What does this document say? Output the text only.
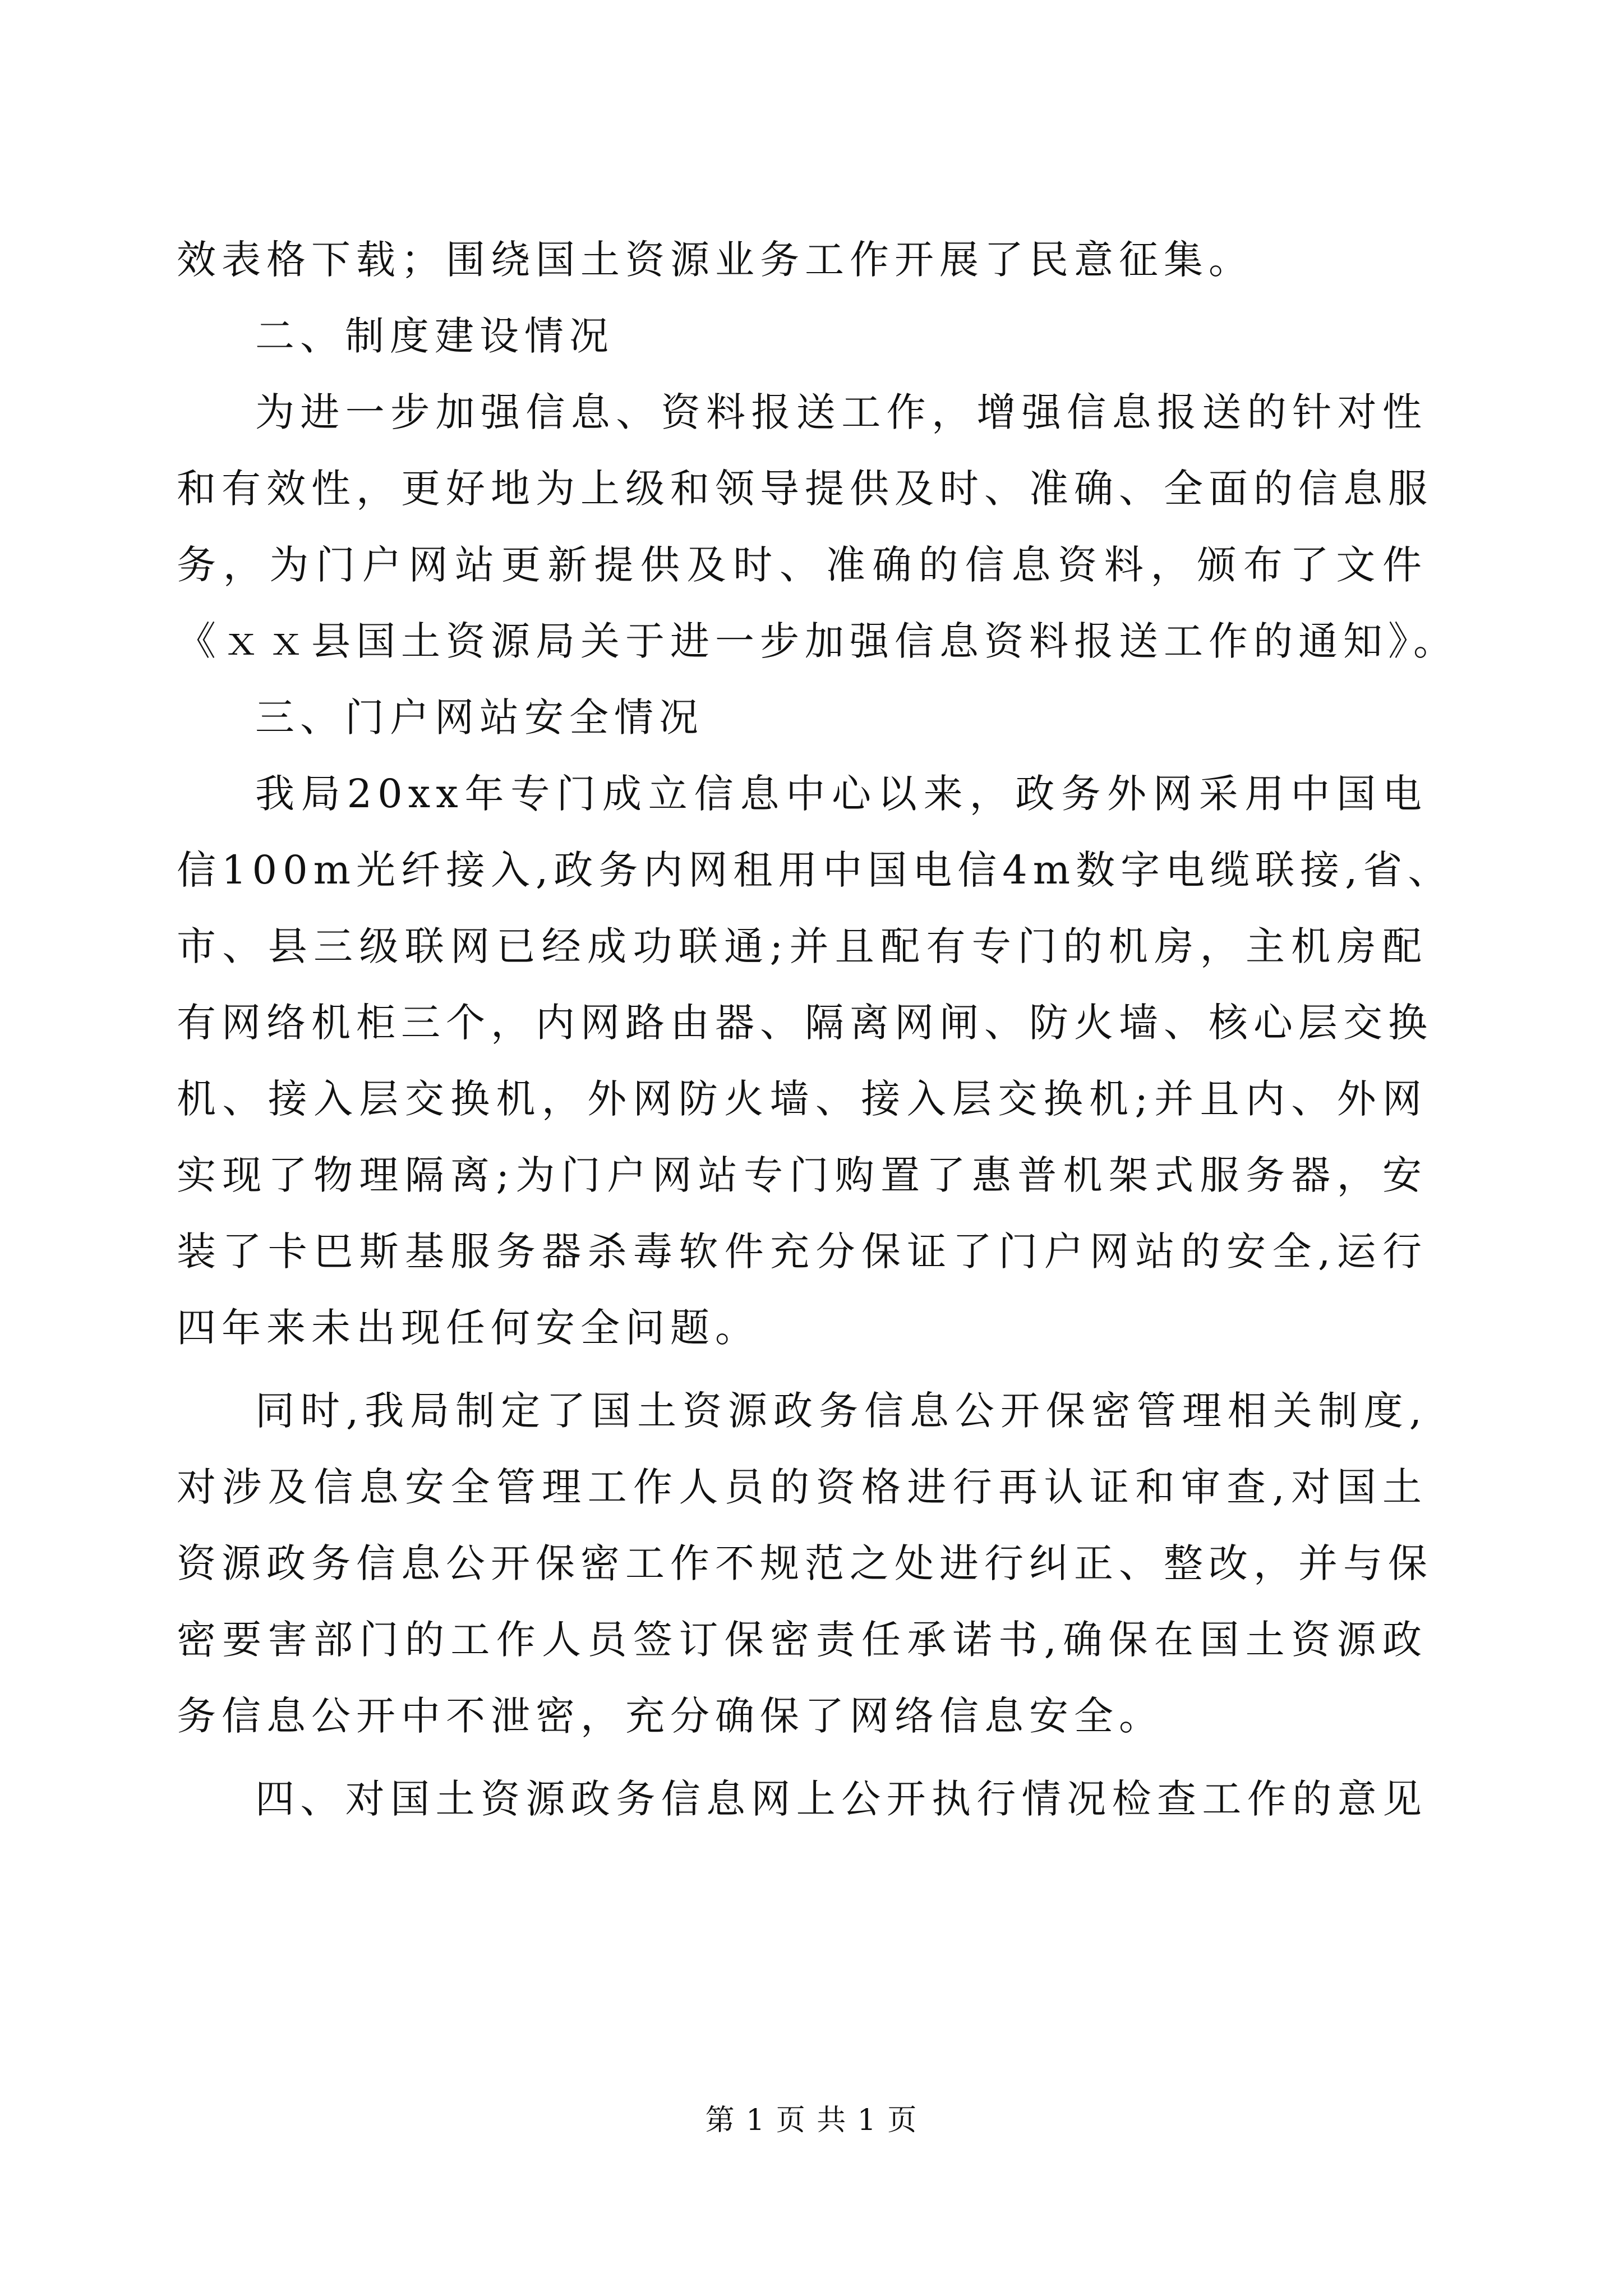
效表格下载；围绕国土资源业务工作开展了民意征集。
二、制度建设情况
为进一步加强信息、资料报送工作，增强信息报送的针对性
和有效性，更好地为上级和领导提供及时、准确、全面的信息服
务，为门户网站更新提供及时、准确的信息资料，颁布了文件
《ｘｘ县国土资源局关于进一步加强信息资料报送工作的通知》。
三、门户网站安全情况
我局20xx年专门成立信息中心以来，政务外网采用中国电
信100m光纤接入,政务内网租用中国电信4m数字电缆联接,省、
市、县三级联网已经成功联通;并且配有专门的机房，主机房配
有网络机柜三个，内网路由器、隔离网闸、防火墙、核心层交换
机、接入层交换机，外网防火墙、接入层交换机;并且内、外网
实现了物理隔离;为门户网站专门购置了惠普机架式服务器，安
装了卡巴斯基服务器杀毒软件充分保证了门户网站的安全,运行
四年来未出现任何安全问题。
同时,我局制定了国土资源政务信息公开保密管理相关制度,
对涉及信息安全管理工作人员的资格进行再认证和审查,对国土
资源政务信息公开保密工作不规范之处进行纠正、整改，并与保
密要害部门的工作人员签订保密责任承诺书,确保在国土资源政
务信息公开中不泄密，充分确保了网络信息安全。
四、对国土资源政务信息网上公开执行情况检查工作的意见
第 1 页 共 1 页
